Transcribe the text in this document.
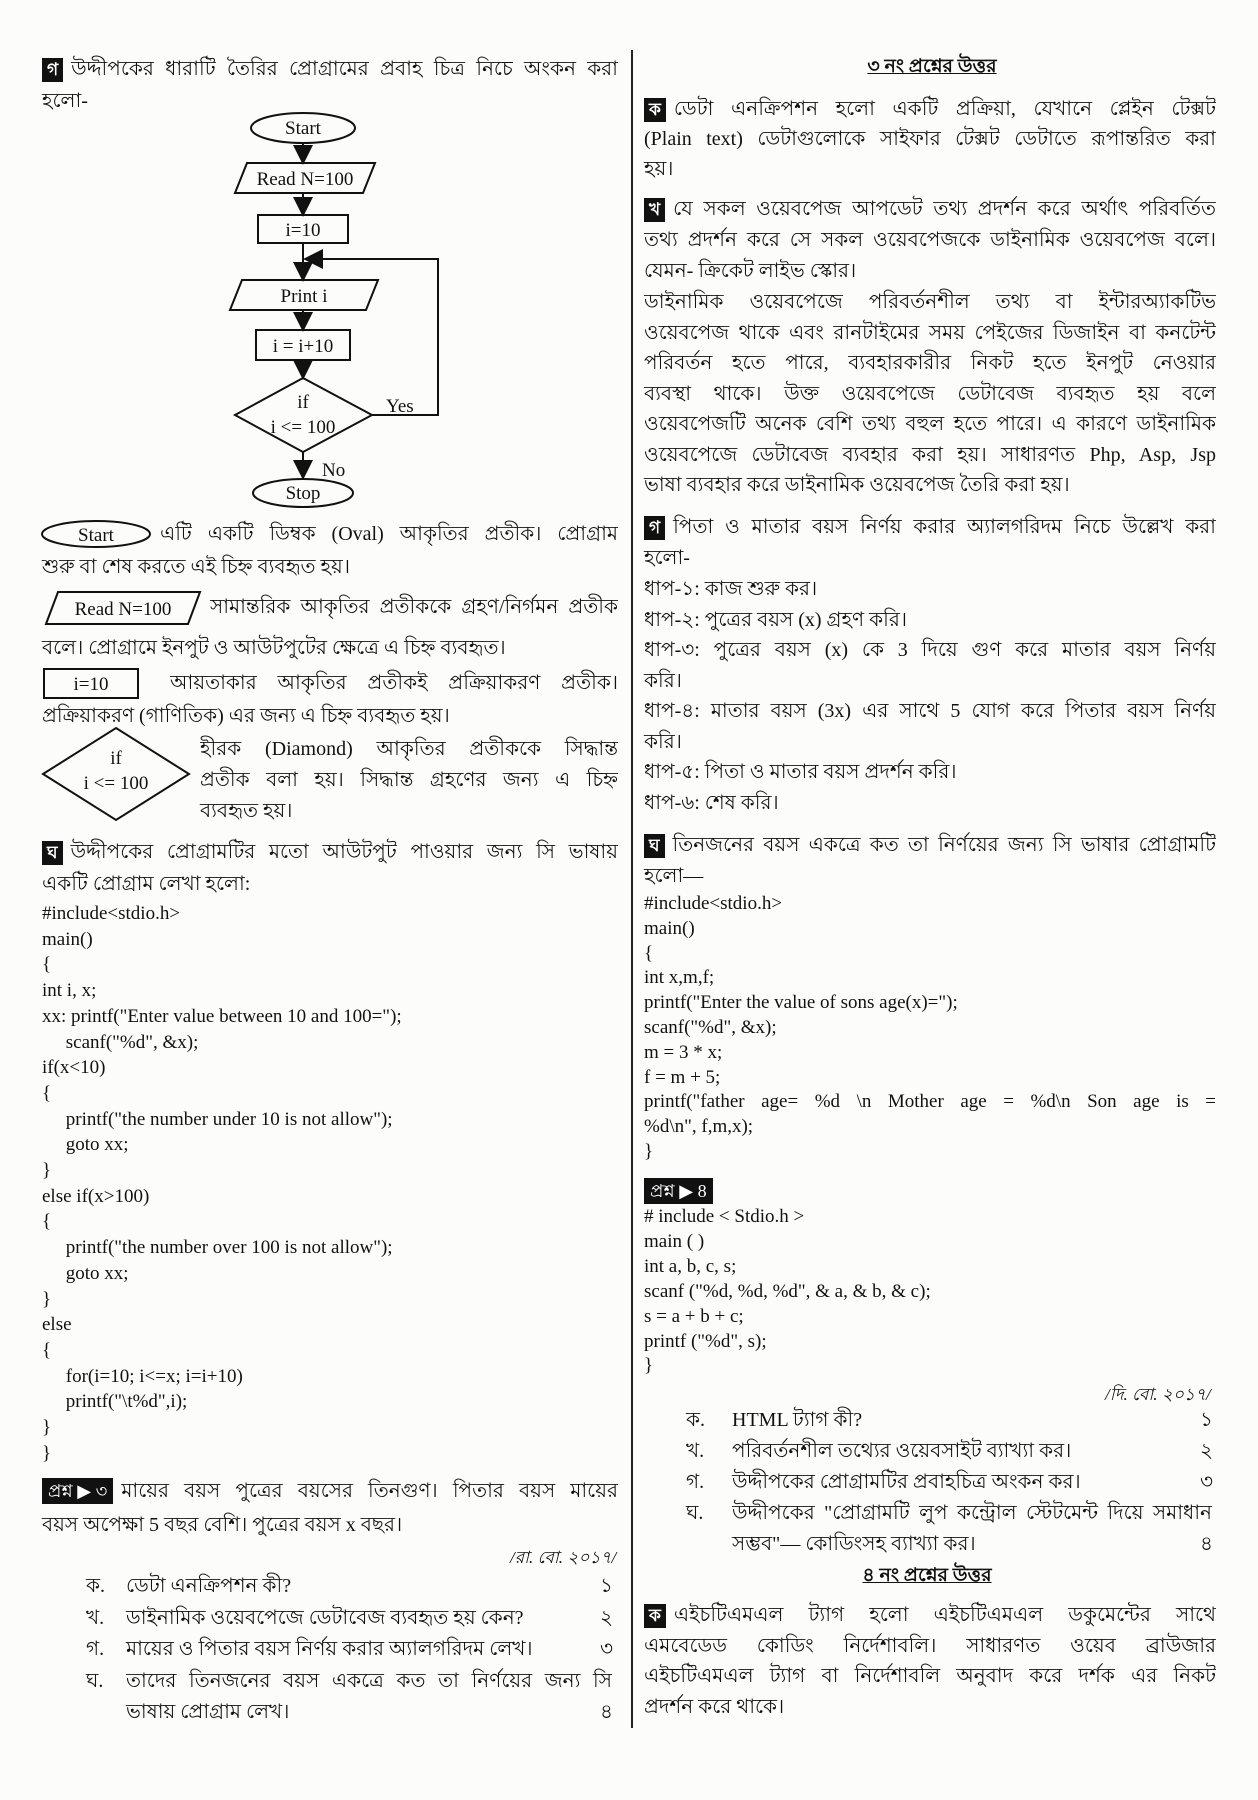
Start
Read N=100
i=10
Print i
i = i+10
if
i <= 100
Yes
No
Stop
Start
Read N=100
i=10
if
i <= 100
৩ নং প্রশ্নের উত্তর
৪ নং প্রশ্নের উত্তর
/রা. বো. ২০১৭/
/দি. বো. ২০১৭/
গ উদ্দীপকের ধারাটি তৈরির প্রোগ্রামের প্রবাহ চিত্র নিচে অংকন করা
হলো-
এটি একটি ডিম্বক (Oval) আকৃতির প্রতীক। প্রোগ্রাম
শুরু বা শেষ করতে এই চিহ্ন ব্যবহৃত হয়।
সামান্তরিক আকৃতির প্রতীককে গ্রহণ/নির্গমন প্রতীক
বলে। প্রোগ্রামে ইনপুট ও আউটপুটের ক্ষেত্রে এ চিহ্ন ব্যবহৃত।
আয়তাকার আকৃতির প্রতীকই প্রক্রিয়াকরণ প্রতীক।
প্রক্রিয়াকরণ (গাণিতিক) এর জন্য এ চিহ্ন ব্যবহৃত হয়।
হীরক (Diamond) আকৃতির প্রতীককে সিদ্ধান্ত
প্রতীক বলা হয়। সিদ্ধান্ত গ্রহণের জন্য এ চিহ্ন
ব্যবহৃত হয়।
ঘ উদ্দীপকের প্রোগ্রামটির মতো আউটপুট পাওয়ার জন্য সি ভাষায়
একটি প্রোগ্রাম লেখা হলো:
#include<stdio.h>
main()
{
int i, x;
xx: printf("Enter value between 10 and 100=");
scanf("%d", &x);
if(x<10)
{
printf("the number under 10 is not allow");
goto xx;
}
else if(x>100)
{
printf("the number over 100 is not allow");
goto xx;
}
else
{
for(i=10; i<=x; i=i+10)
printf("\t%d",i);
}
}
প্রশ্ন ▶ ৩ মায়ের বয়স পুত্রের বয়সের তিনগুণ। পিতার বয়স মায়ের
বয়স অপেক্ষা 5 বছর বেশি। পুত্রের বয়স x বছর।
ক. ডেটা এনক্রিপশন কী?	১
খ. ডাইনামিক ওয়েবপেজে ডেটাবেজ ব্যবহৃত হয় কেন?	২
গ. মায়ের ও পিতার বয়স নির্ণয় করার অ্যালগরিদম লেখ।	৩
ঘ. তাদের তিনজনের বয়স একত্রে কত তা নির্ণয়ের জন্য সি
ভাষায় প্রোগ্রাম লেখ।	৪
ক ডেটা এনক্রিপশন হলো একটি প্রক্রিয়া, যেখানে প্লেইন টেক্সট
(Plain text) ডেটাগুলোকে সাইফার টেক্সট ডেটাতে রূপান্তরিত করা
হয়।
খ যে সকল ওয়েবপেজ আপডেট তথ্য প্রদর্শন করে অর্থাৎ পরিবর্তিত
তথ্য প্রদর্শন করে সে সকল ওয়েবপেজকে ডাইনামিক ওয়েবপেজ বলে।
যেমন- ক্রিকেট লাইভ স্কোর।
ডাইনামিক ওয়েবপেজে পরিবর্তনশীল তথ্য বা ইন্টারঅ্যাকটিভ
ওয়েবপেজ থাকে এবং রানটাইমের সময় পেইজের ডিজাইন বা কনটেন্ট
পরিবর্তন হতে পারে, ব্যবহারকারীর নিকট হতে ইনপুট নেওয়ার
ব্যবস্থা থাকে। উক্ত ওয়েবপেজে ডেটাবেজ ব্যবহৃত হয় বলে
ওয়েবপেজটি অনেক বেশি তথ্য বহুল হতে পারে। এ কারণে ডাইনামিক
ওয়েবপেজে ডেটাবেজ ব্যবহার করা হয়। সাধারণত Php, Asp, Jsp
ভাষা ব্যবহার করে ডাইনামিক ওয়েবপেজ তৈরি করা হয়।
গ পিতা ও মাতার বয়স নির্ণয় করার অ্যালগরিদম নিচে উল্লেখ করা
হলো-
ধাপ-১: কাজ শুরু কর।
ধাপ-২: পুত্রের বয়স (x) গ্রহণ করি।
ধাপ-৩: পুত্রের বয়স (x) কে 3 দিয়ে গুণ করে মাতার বয়স নির্ণয়
করি।
ধাপ-৪: মাতার বয়স (3x) এর সাথে 5 যোগ করে পিতার বয়স নির্ণয়
করি।
ধাপ-৫: পিতা ও মাতার বয়স প্রদর্শন করি।
ধাপ-৬: শেষ করি।
ঘ তিনজনের বয়স একত্রে কত তা নির্ণয়ের জন্য সি ভাষার প্রোগ্রামটি
হলো—
#include<stdio.h>
main()
{
int x,m,f;
printf("Enter the value of sons age(x)=");
scanf("%d", &x);
m = 3 * x;
f = m + 5;
printf("father age= %d \n Mother age = %d\n Son age is =
%d\n", f,m,x);
}
প্রশ্ন ▶ 8
# include < Stdio.h >
main ( )
int a, b, c, s;
scanf ("%d, %d, %d", & a, & b, & c);
s = a + b + c;
printf ("%d", s);
}
ক. HTML ট্যাগ কী?	১
খ. পরিবর্তনশীল তথ্যের ওয়েবসাইট ব্যাখ্যা কর।	২
গ. উদ্দীপকের প্রোগ্রামটির প্রবাহচিত্র অংকন কর।	৩
ঘ. উদ্দীপকের "প্রোগ্রামটি লুপ কন্ট্রোল স্টেটমেন্ট দিয়ে সমাধান
সম্ভব"— কোডিংসহ ব্যাখ্যা কর।	৪
ক এইচটিএমএল ট্যাগ হলো এইচটিএমএল ডকুমেন্টের সাথে
এমবেডেড কোডিং নির্দেশাবলি। সাধারণত ওয়েব ব্রাউজার
এইচটিএমএল ট্যাগ বা নির্দেশাবলি অনুবাদ করে দর্শক এর নিকট
প্রদর্শন করে থাকে।
